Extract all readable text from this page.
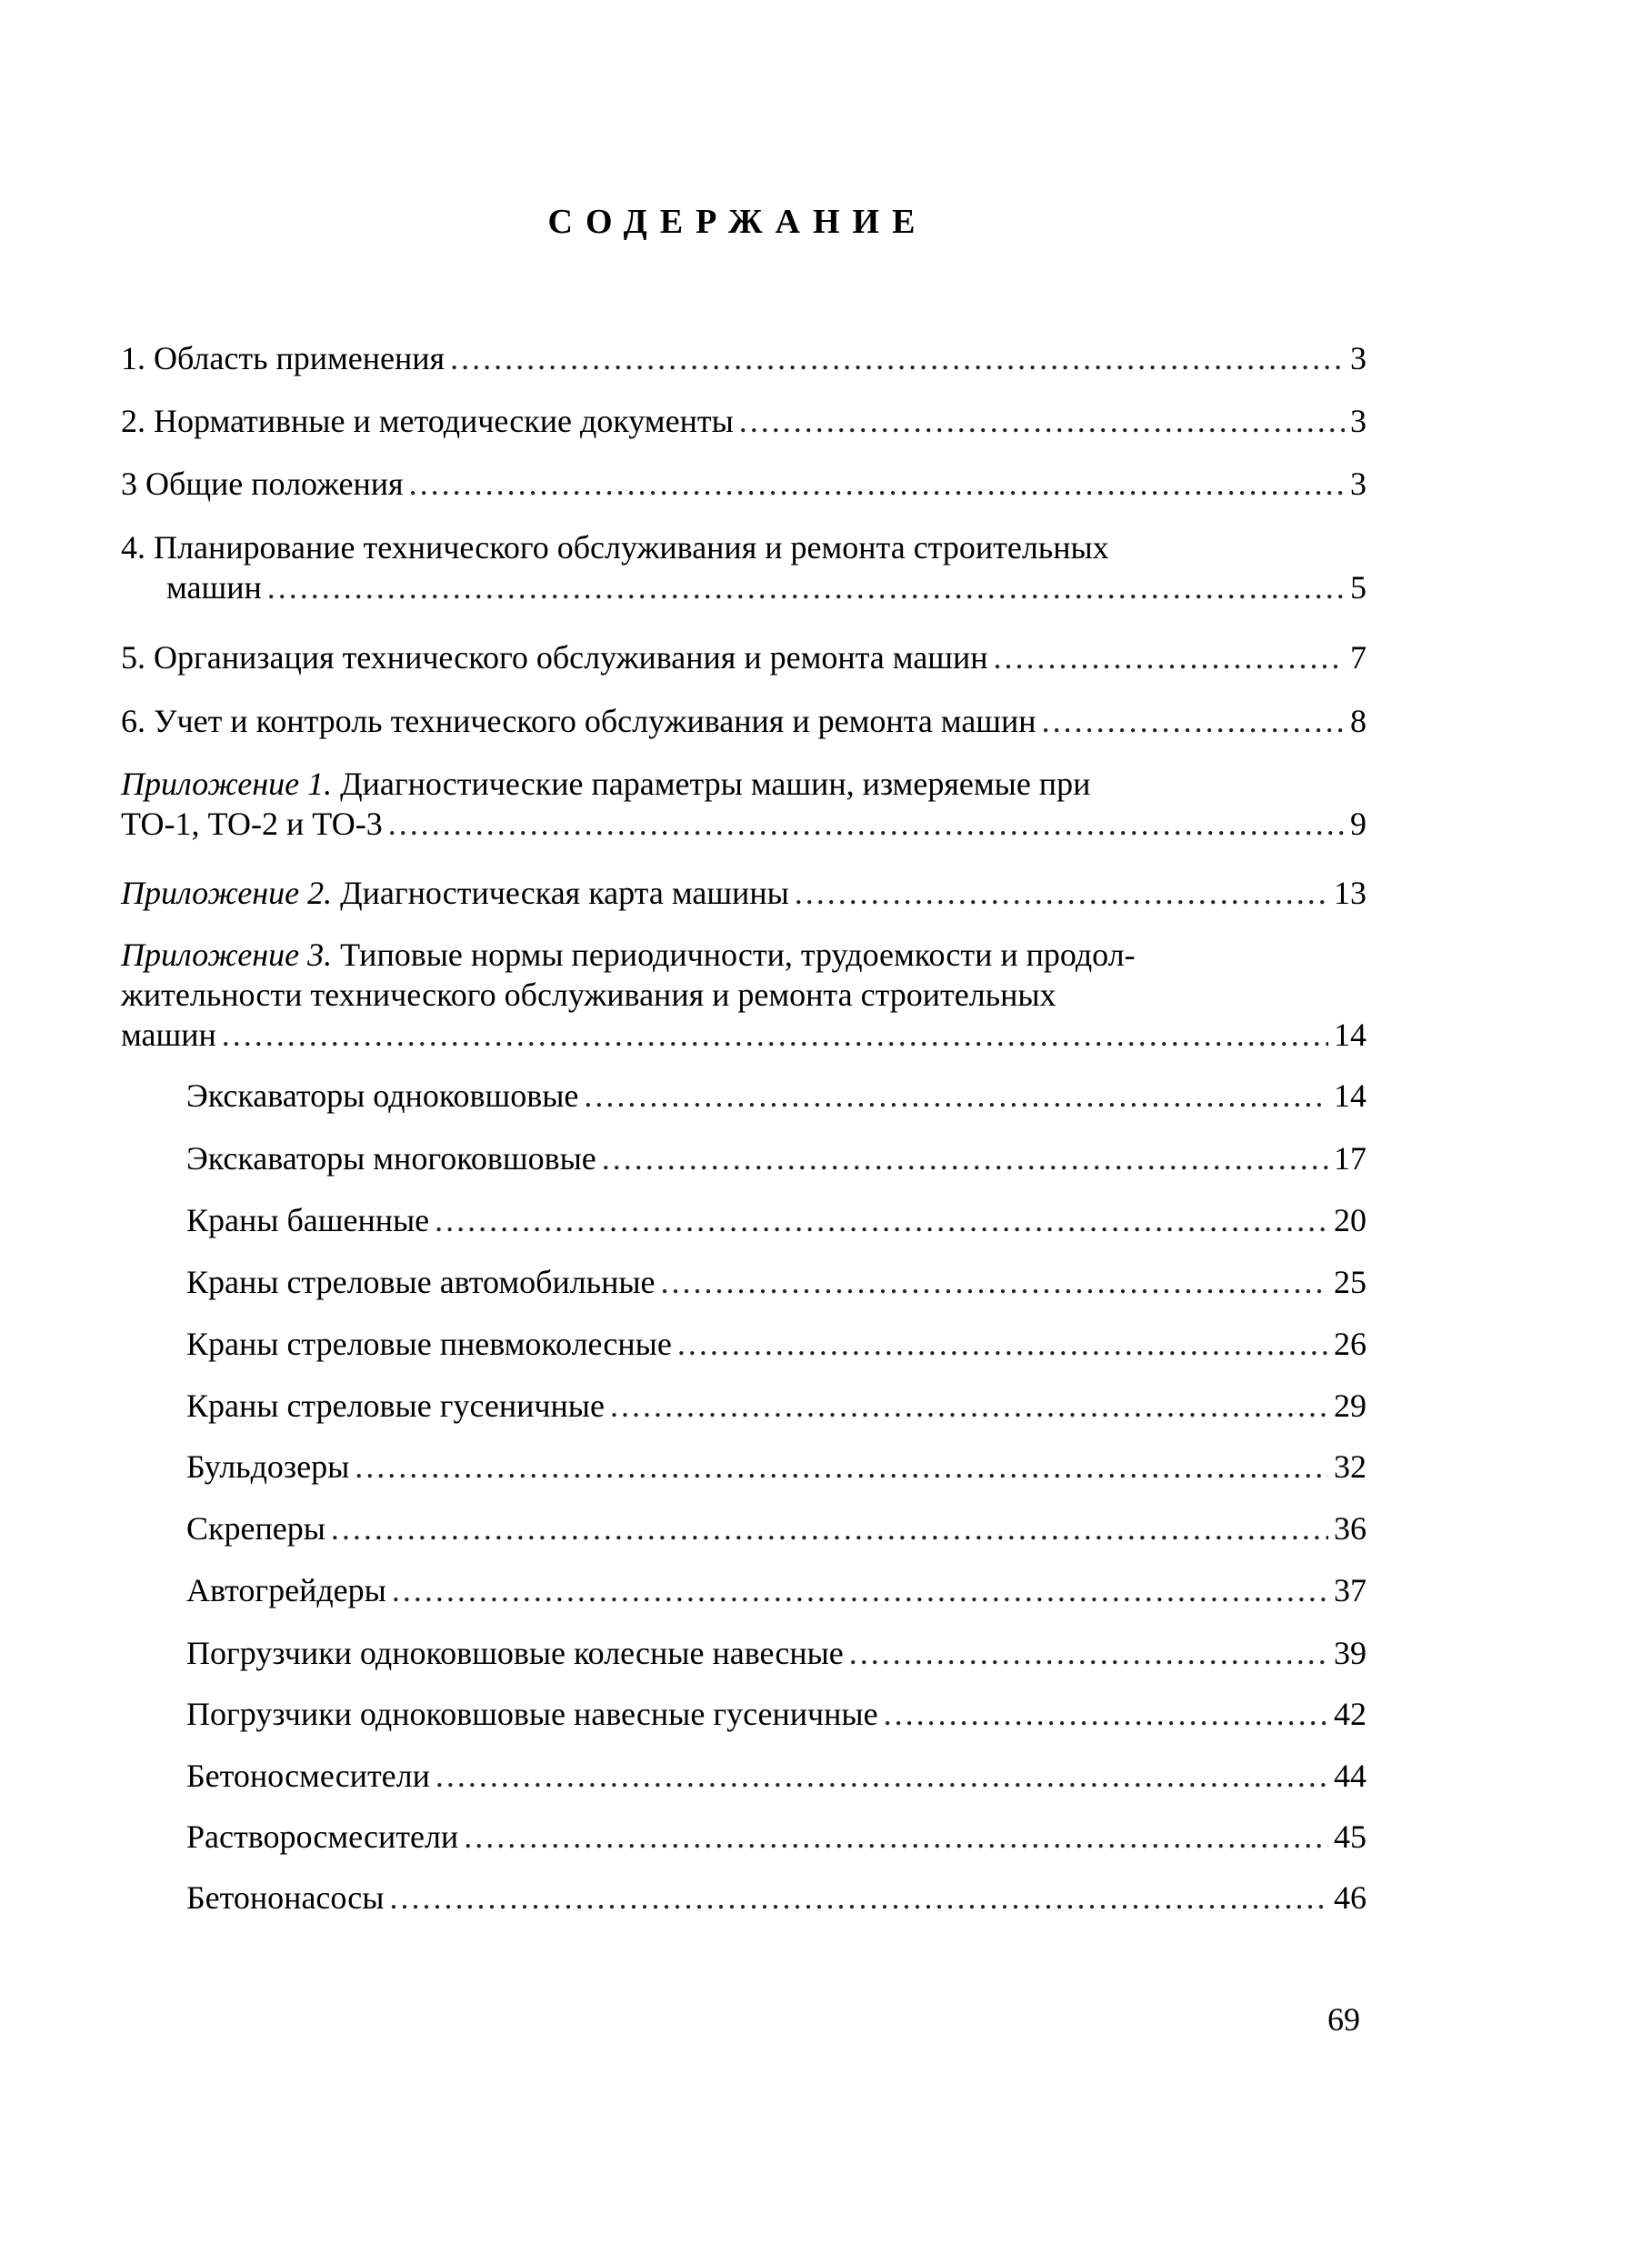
СОДЕРЖАНИЕ
1. Область применения .....	3
2. Нормативные и методические документы .....	3
3 Общие положения .....	3
4. Планирование технического обслуживания и ремонта строительных
машин .....	5
5. Организация технического обслуживания и ремонта машин .....	7
6. Учет и контроль технического обслуживания и ремонта машин .....	8
Приложение 1. Диагностические параметры машин, измеряемые при
ТО-1, ТО-2 и ТО-3 .....	9
Приложение 2. Диагностическая карта машины .....	13
Приложение 3. Типовые нормы периодичности, трудоемкости и продол-
жительности технического обслуживания и ремонта строительных
машин .....	14
Экскаваторы одноковшовые .....	14
Экскаваторы многоковшовые .....	17
Краны башенные .....	20
Краны стреловые автомобильные .....	25
Краны стреловые пневмоколесные .....	26
Краны стреловые гусеничные .....	29
Бульдозеры .....	32
Скреперы .....	36
Автогрейдеры .....	37
Погрузчики одноковшовые колесные навесные .....	39
Погрузчики одноковшовые навесные гусеничные .....	42
Бетоносмесители .....	44
Растворосмесители .....	45
Бетононасосы .....	46
69
